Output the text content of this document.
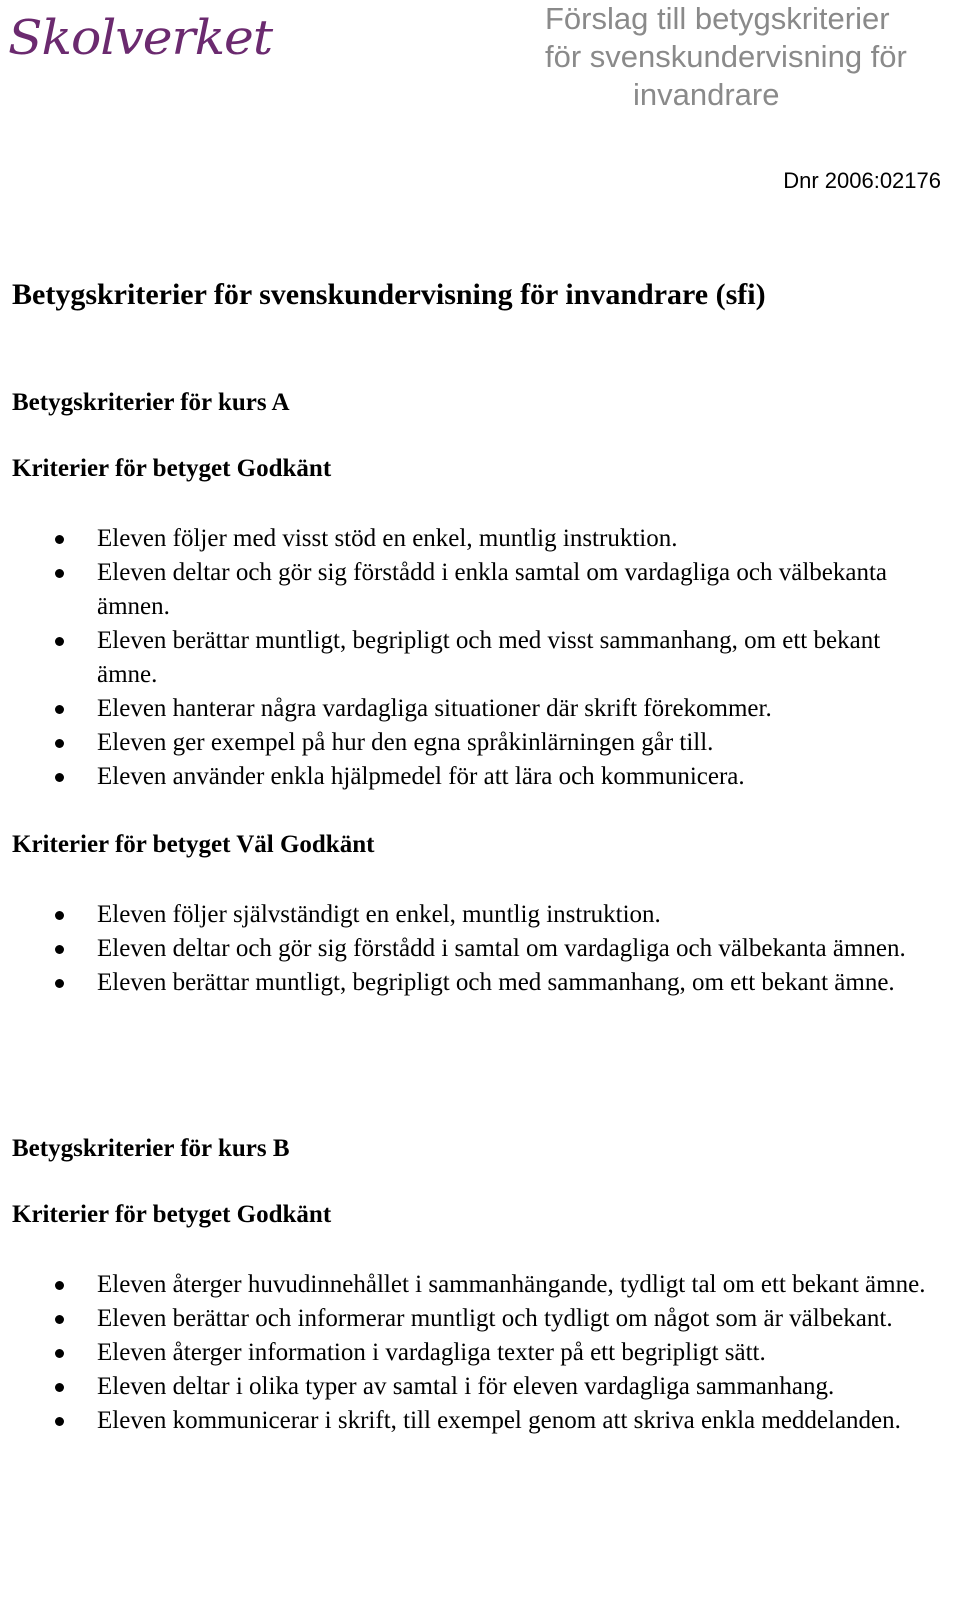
Skolverket	Förslag till betygskriterier
för svenskundervisning för
invandrare
Dnr 2006:02176
Betygskriterier för svenskundervisning för invandrare (sfi)
Betygskriterier för kurs A
Kriterier för betyget Godkänt
Eleven följer med visst stöd en enkel, muntlig instruktion.
Eleven deltar och gör sig förstådd i enkla samtal om vardagliga och välbekanta ämnen.
Eleven berättar muntligt, begripligt och med visst sammanhang, om ett bekant ämne.
Eleven hanterar några vardagliga situationer där skrift förekommer.
Eleven ger exempel på hur den egna språkinlärningen går till.
Eleven använder enkla hjälpmedel för att lära och kommunicera.
Kriterier för betyget Väl Godkänt
Eleven följer självständigt en enkel, muntlig instruktion.
Eleven deltar och gör sig förstådd i samtal om vardagliga och välbekanta ämnen.
Eleven berättar muntligt, begripligt och med sammanhang, om ett bekant ämne.
Betygskriterier för kurs B
Kriterier för betyget Godkänt
Eleven återger huvudinnehållet i sammanhängande, tydligt tal om ett bekant ämne.
Eleven berättar och informerar muntligt och tydligt om något som är välbekant.
Eleven återger information i vardagliga texter på ett begripligt sätt.
Eleven deltar i olika typer av samtal i för eleven vardagliga sammanhang.
Eleven kommunicerar i skrift, till exempel genom att skriva enkla meddelanden.
